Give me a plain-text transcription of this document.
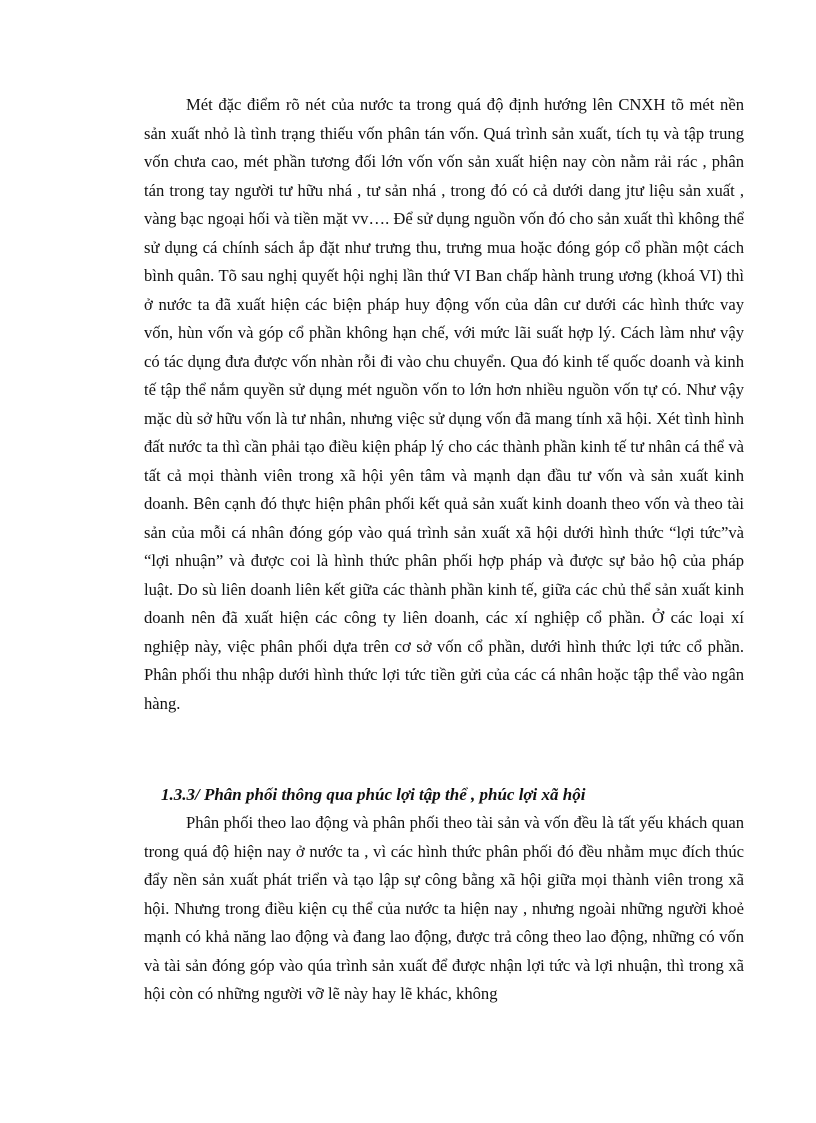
Mét đặc điểm rõ nét của nước ta trong quá độ định hướng lên CNXH tõ mét nền sản xuất nhỏ là tình trạng thiếu vốn phân tán vốn. Quá trình sản xuất, tích tụ và tập trung vốn chưa cao, mét phần tương đối lớn vốn vốn sản xuất hiện nay còn nằm rải rác , phân tán trong tay người tư hữu nhá , tư sản nhá , trong đó có cả dưới dang jtư liệu sản xuất , vàng bạc ngoại hối và tiền mặt vv…. Để sử dụng nguồn vốn đó cho sản xuất thì không thể sử dụng cá chính sách ắp đặt như trưng thu, trưng mua hoặc đóng góp cổ phần một cách bình quân. Tõ sau nghị quyết hội nghị lần thứ VI Ban chấp hành trung ương (khoá VI) thì ở nước ta đã xuất hiện các biện pháp huy động vốn của dân cư dưới các hình thức vay vốn, hùn vốn và góp cổ phần không hạn chế, với mức lãi suất hợp lý. Cách làm như vậy có tác dụng đưa được vốn nhàn rỗi đi vào chu chuyển. Qua đó kinh tế quốc doanh và kinh tế tập thể nắm quyền sử dụng mét nguồn vốn to lớn hơn nhiều nguồn vốn tự có. Như vậy mặc dù sở hữu vốn là tư nhân, nhưng việc sử dụng vốn đã mang tính xã hội. Xét tình hình đất nước ta thì cần phải tạo điều kiện pháp lý cho các thành phần kinh tế tư nhân cá thể và tất cả mọi thành viên trong xã hội yên tâm và mạnh dạn đầu tư vốn và sản xuất kinh doanh. Bên cạnh đó thực hiện phân phối kết quả sản xuất kinh doanh theo vốn và theo tài sản của mỗi cá nhân đóng góp vào quá trình sản xuất xã hội dưới hình thức “lợi tức”và “lợi nhuận” và được coi là hình thức phân phối hợp pháp và được sự bảo hộ của pháp luật. Do sù liên doanh liên kết giữa các thành phần kinh tế, giữa các chủ thể sản xuất kinh doanh nên đã xuất hiện các công ty liên doanh, các xí nghiệp cổ phần. Ở các loại xí nghiệp này, việc phân phối dựa trên cơ sở vốn cổ phần, dưới hình thức lợi tức cổ phần. Phân phối thu nhập dưới hình thức lợi tức tiền gửi của các cá nhân hoặc tập thể vào ngân hàng.

1.3.3/ Phân phối thông qua phúc lợi tập thể , phúc lợi xã hội

Phân phối theo lao động và phân phối theo tài sản và vốn đều là tất yếu khách quan trong quá độ hiện nay ở nước ta , vì các hình thức phân phối đó đều nhằm mục đích thúc đẩy nền sản xuất phát triển và tạo lập sự công bằng xã hội giữa mọi thành viên trong xã hội. Nhưng trong điều kiện cụ thể của nước ta hiện nay , nhưng ngoài những người khoẻ mạnh có khả năng lao động và đang lao động, được trả công theo lao động, những có vốn và tài sản đóng góp vào qúa trình sản xuất để được nhận lợi tức và lợi nhuận, thì trong xã hội còn có những người vỡ lẽ này hay lẽ khác, không
